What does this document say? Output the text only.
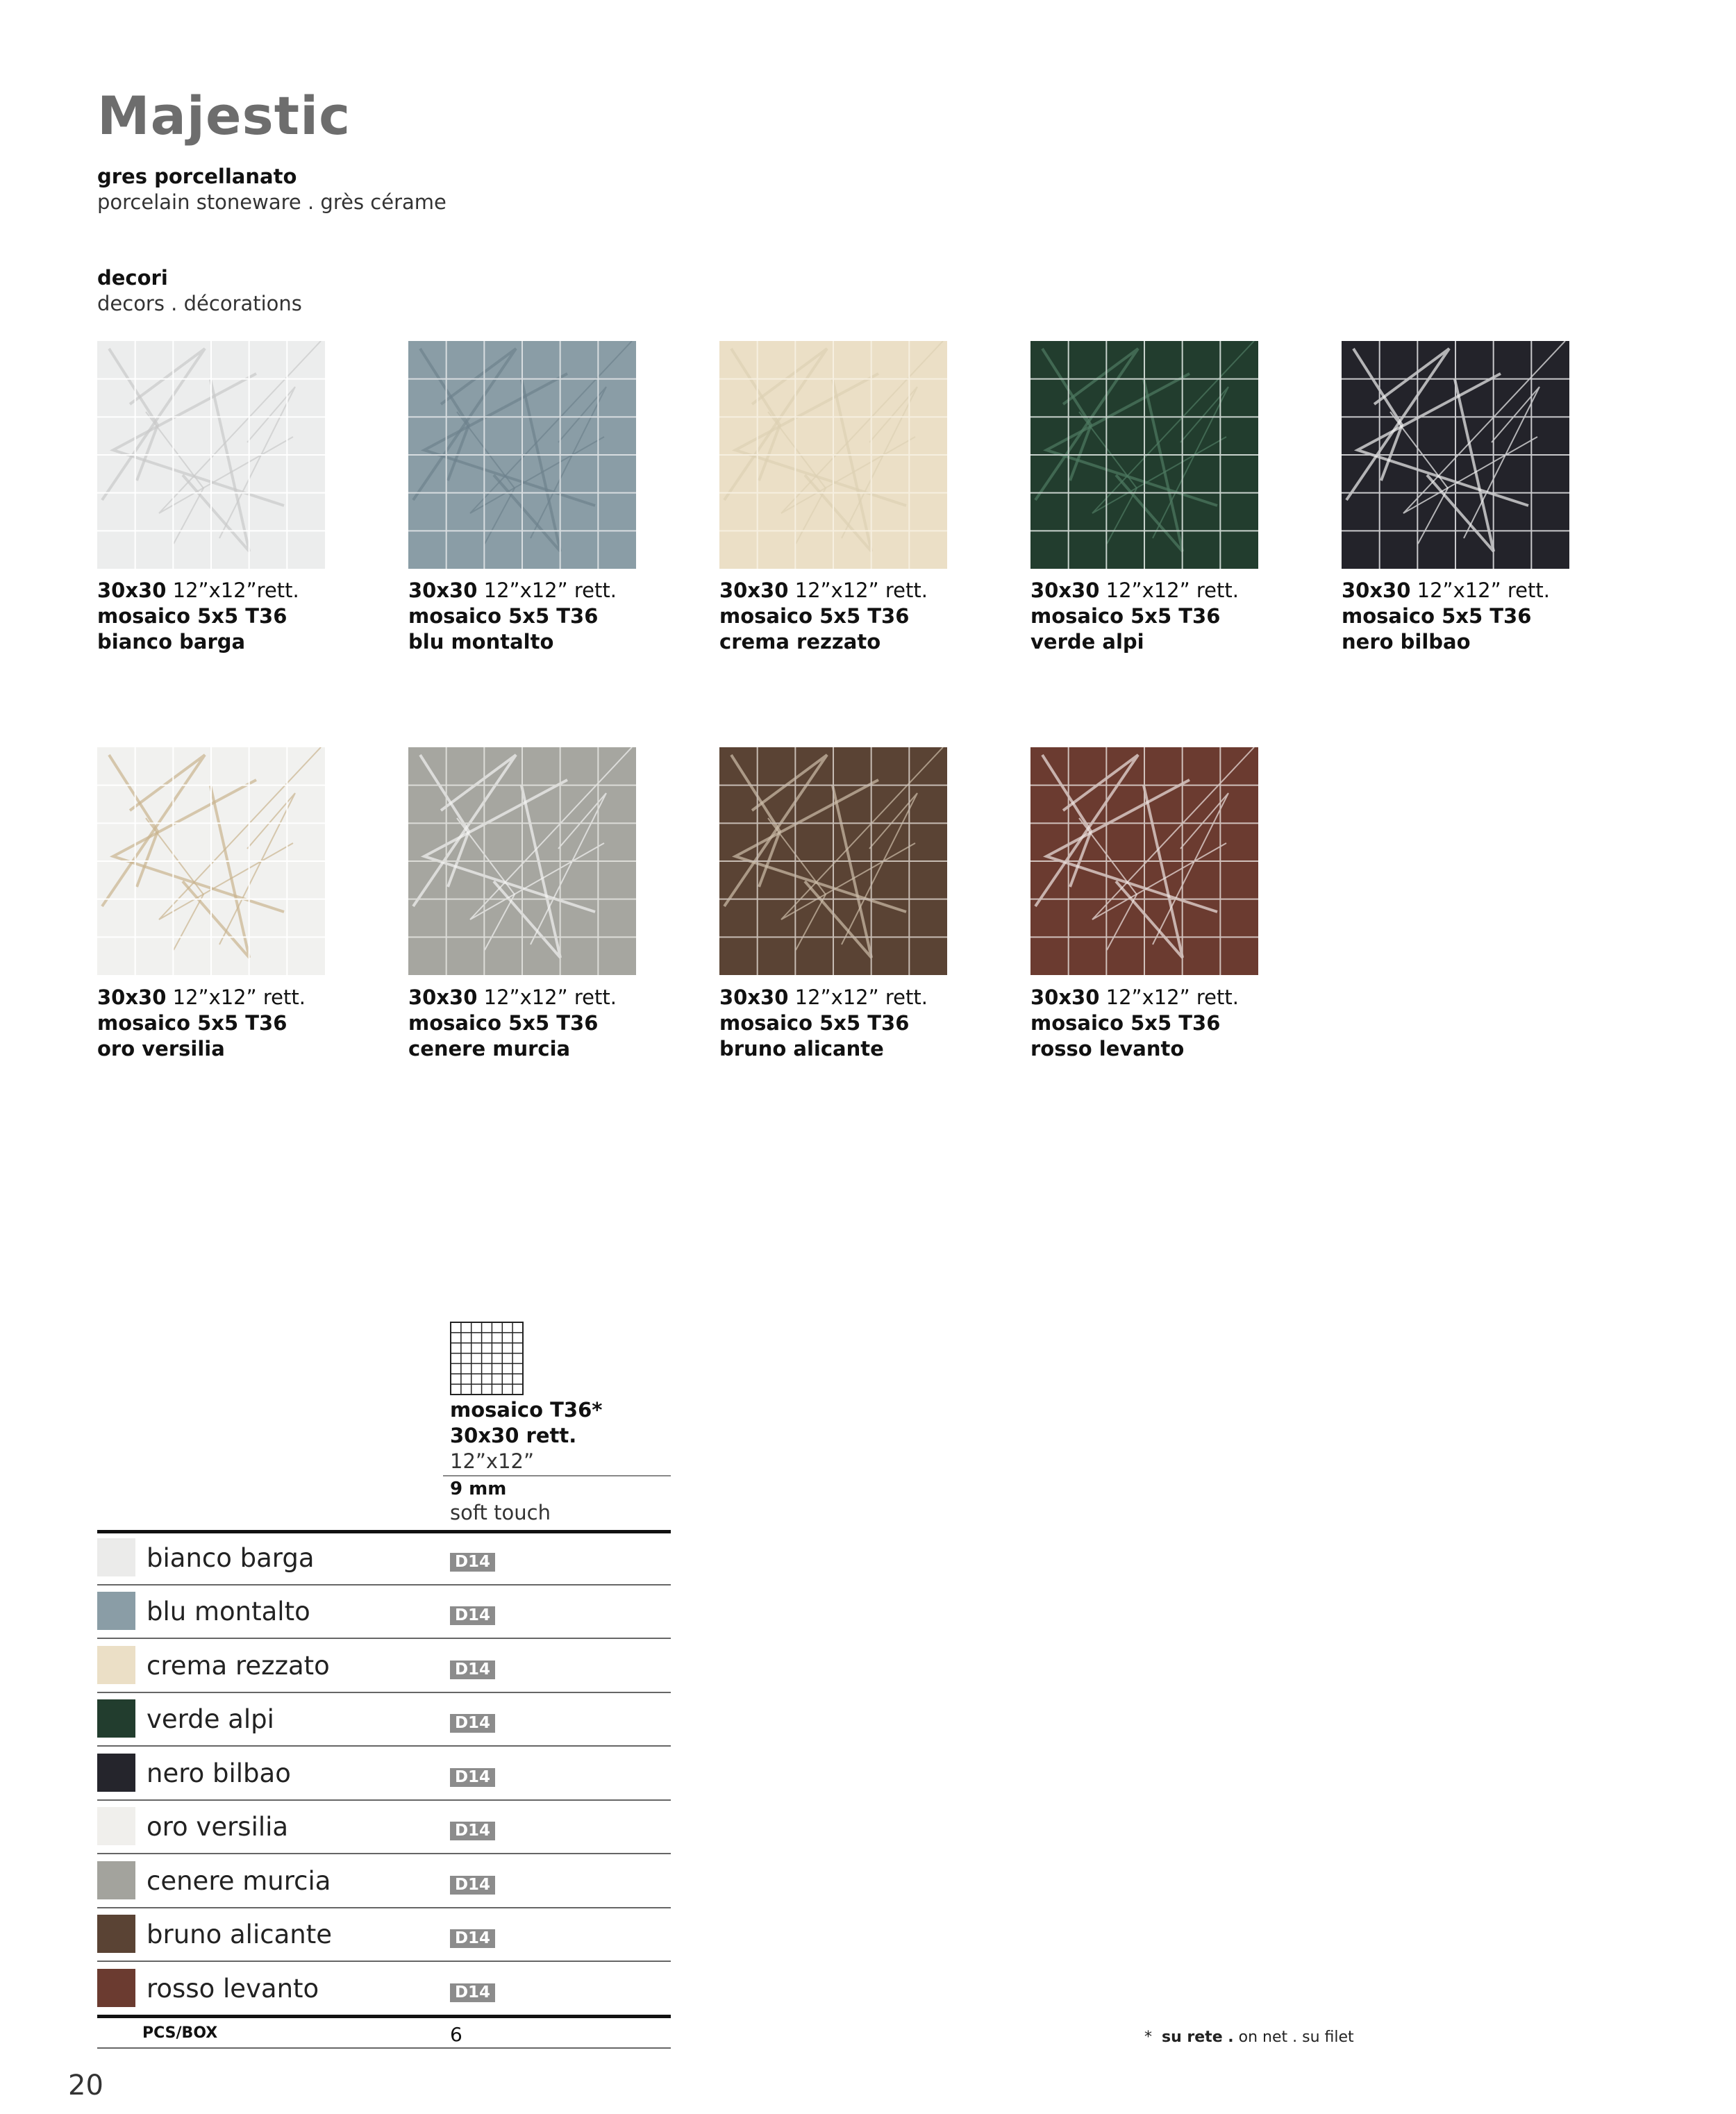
Majestic
gres porcellanato
porcelain stoneware . grès cérame
decori
decors . décorations
30x30 12”x12”rett.
mosaico 5x5 T36
bianco barga
30x30 12”x12” rett.
mosaico 5x5 T36
blu montalto
30x30 12”x12” rett.
mosaico 5x5 T36
crema rezzato
30x30 12”x12” rett.
mosaico 5x5 T36
verde alpi
30x30 12”x12” rett.
mosaico 5x5 T36
nero bilbao
30x30 12”x12” rett.
mosaico 5x5 T36
oro versilia
30x30 12”x12” rett.
mosaico 5x5 T36
cenere murcia
30x30 12”x12” rett.
mosaico 5x5 T36
bruno alicante
30x30 12”x12” rett.
mosaico 5x5 T36
rosso levanto
mosaico T36*
30x30 rett.
12”x12”
9 mm
soft touch
bianco barga	D14
blu montalto	D14
crema rezzato	D14
verde alpi	D14
nero bilbao	D14
oro versilia	D14
cenere murcia	D14
bruno alicante	D14
rosso levanto	D14
PCS/BOX	6	* su rete . on net . su filet
20
